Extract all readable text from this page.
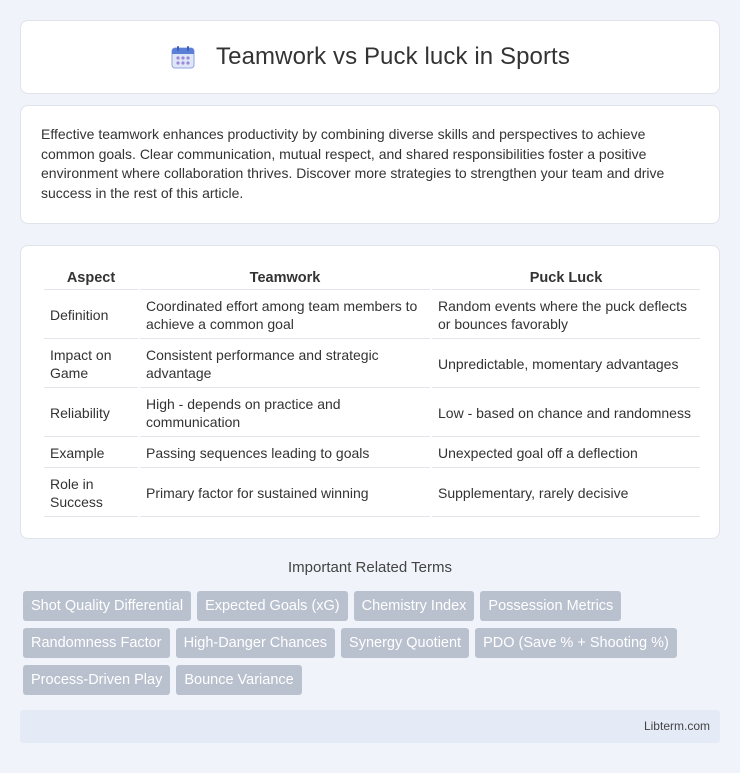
Teamwork vs Puck luck in Sports

Effective teamwork enhances productivity by combining diverse skills and perspectives to achieve common goals. Clear communication, mutual respect, and shared responsibilities foster a positive environment where collaboration thrives. Discover more strategies to strengthen your team and drive success in the rest of this article.

Aspect	Teamwork	Puck Luck
Definition	Coordinated effort among team members to achieve a common goal	Random events where the puck deflects or bounces favorably
Impact on Game	Consistent performance and strategic advantage	Unpredictable, momentary advantages
Reliability	High - depends on practice and communication	Low - based on chance and randomness
Example	Passing sequences leading to goals	Unexpected goal off a deflection
Role in Success	Primary factor for sustained winning	Supplementary, rarely decisive
Important Related Terms
Shot Quality Differential	Expected Goals (xG)	Chemistry Index	Possession Metrics
Randomness Factor	High-Danger Chances	Synergy Quotient	PDO (Save % + Shooting %)
Process-Driven Play	Bounce Variance
Libterm.com
